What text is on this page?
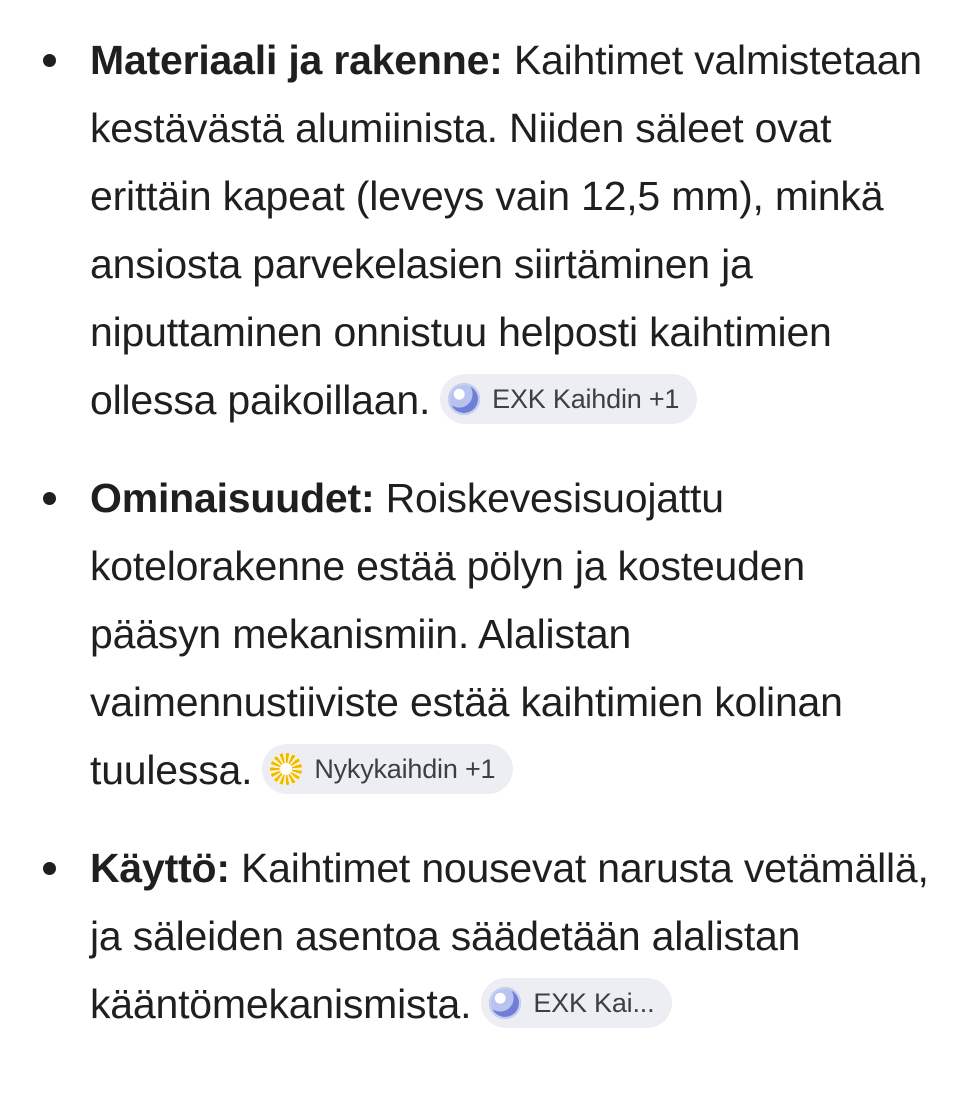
Materiaali ja rakenne: Kaihtimet valmistetaan kestävästä alumiinista. Niiden säleet ovat erittäin kapeat (leveys vain 12,5 mm), minkä ansiosta parvekelasien siirtäminen ja niputtaminen onnistuu helposti kaihtimien ollessa paikoillaan. EXK Kaihdin +1
Ominaisuudet: Roiskevesisuojattu kotelorakenne estää pölyn ja kosteuden pääsyn mekanismiin. Alalistan vaimennustiiviste estää kaihtimien kolinan tuulessa. Nykykaihdin +1
Käyttö: Kaihtimet nousevat narusta vetämällä, ja säleiden asentoa säädetään alalistan kääntömekanismista. EXK Kai...
